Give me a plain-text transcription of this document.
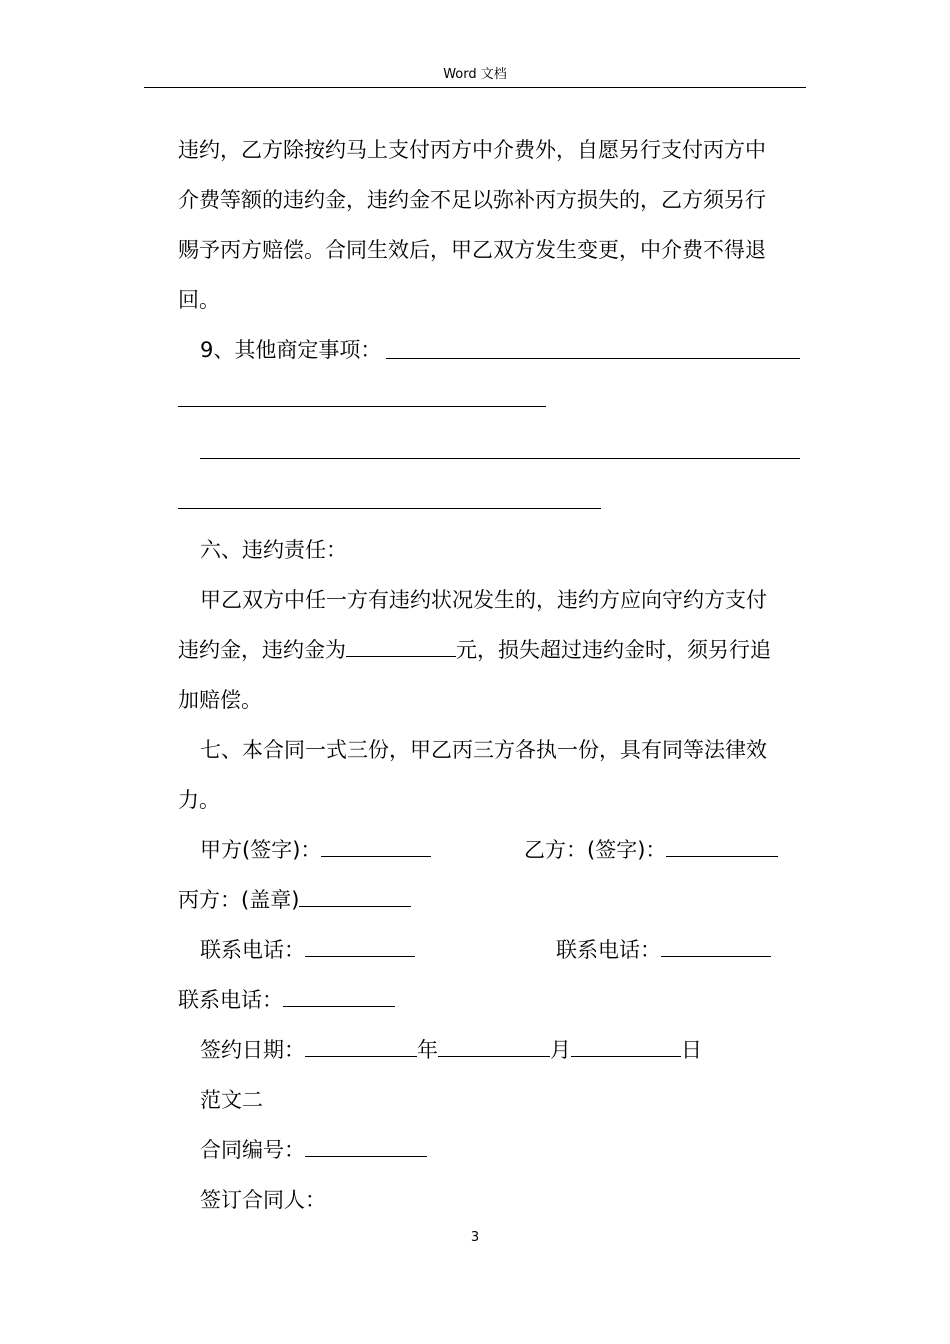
Word 文档
违约，乙方除按约马上支付丙方中介费外，自愿另行支付丙方中
介费等额的违约金，违约金不足以弥补丙方损失的，乙方须另行
赐予丙方赔偿。合同生效后，甲乙双方发生变更，中介费不得退
回。
9、其他商定事项：
六、违约责任：
甲乙双方中任一方有违约状况发生的，违约方应向守约方支付
违约金，违约金为	元，损失超过违约金时，须另行追
加赔偿。
七、本合同一式三份，甲乙丙三方各执一份，具有同等法律效
力。
甲方(签字)：	乙方：(签字)：
丙方：(盖章)
联系电话：	联系电话：
联系电话：
签约日期：	年	月	日
范文二
合同编号：
签订合同人：
3
